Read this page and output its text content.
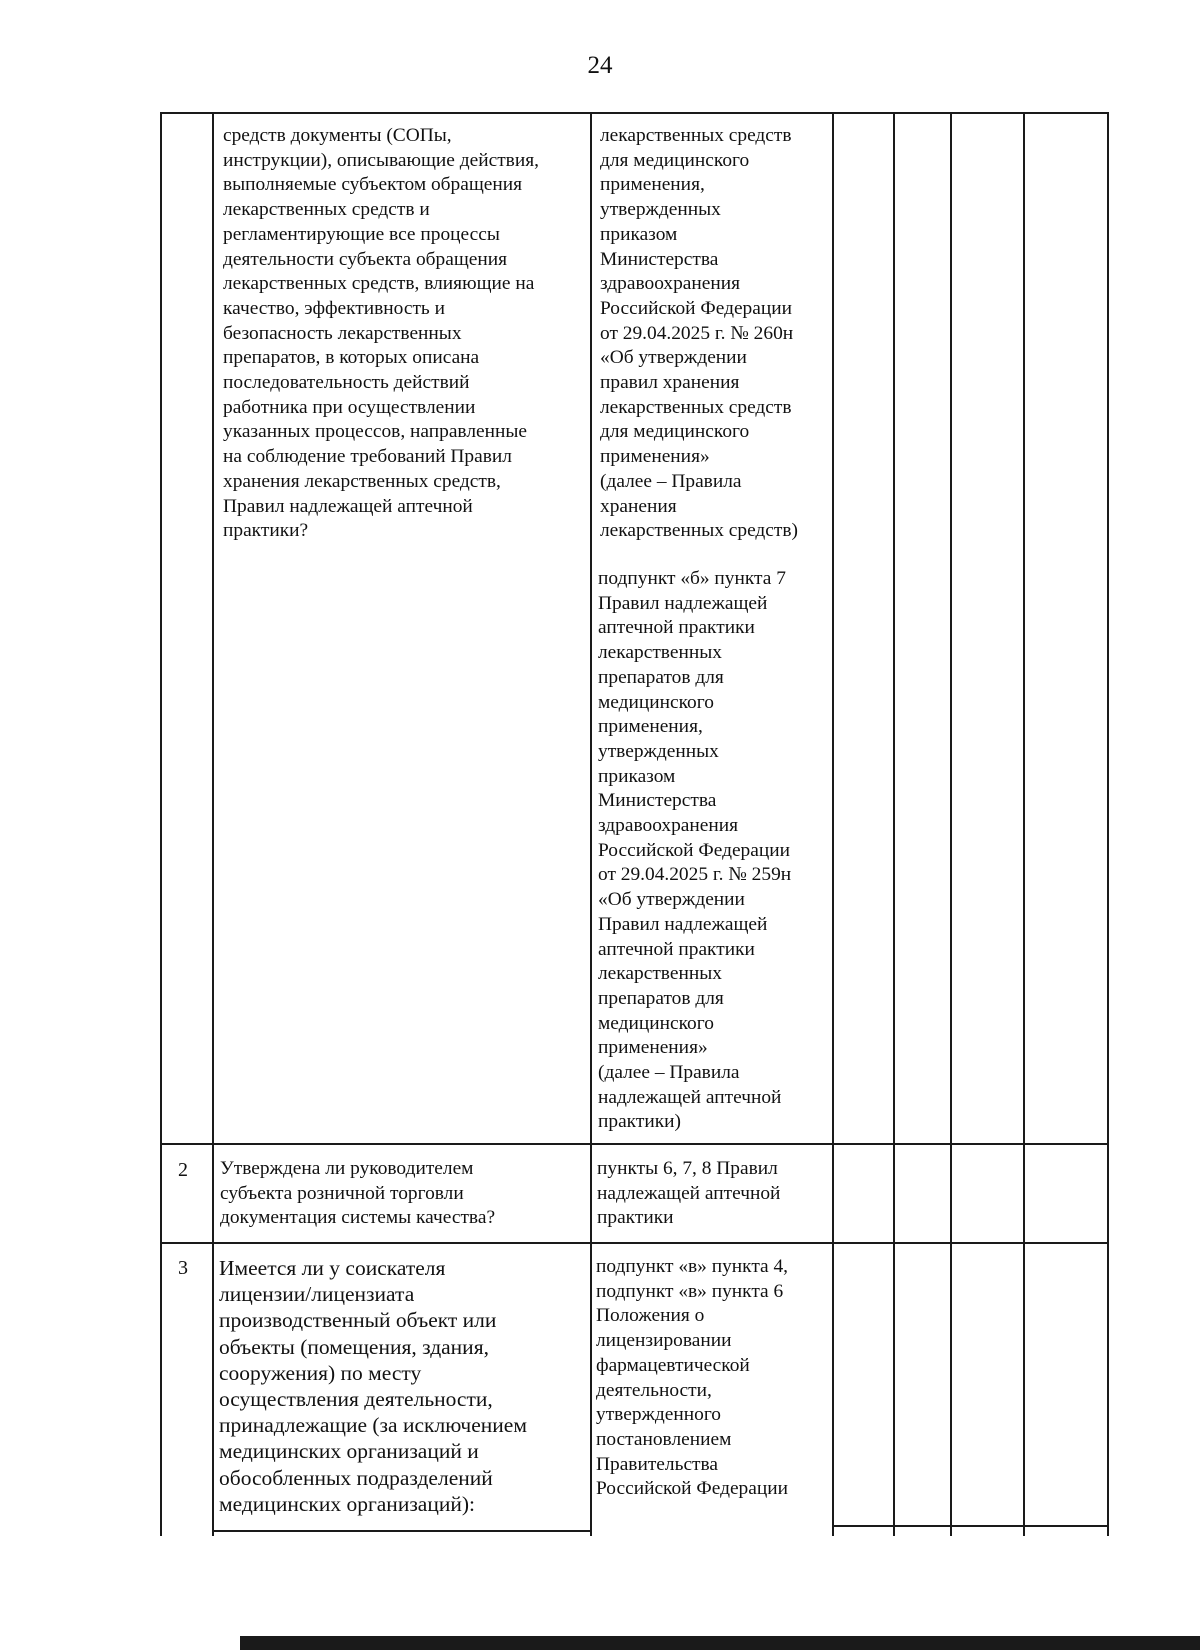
24
средств документы (СОПы,
инструкции), описывающие действия,
выполняемые субъектом обращения
лекарственных средств и
регламентирующие все процессы
деятельности субъекта обращения
лекарственных средств, влияющие на
качество, эффективность и
безопасность лекарственных
препаратов, в которых описана
последовательность действий
работника при осуществлении
указанных процессов, направленные
на соблюдение требований Правил
хранения лекарственных средств,
Правил надлежащей аптечной
практики?
лекарственных средств
для медицинского
применения,
утвержденных
приказом
Министерства
здравоохранения
Российской Федерации
от 29.04.2025 г. № 260н
«Об утверждении
правил хранения
лекарственных средств
для медицинского
применения»
(далее – Правила
хранения
лекарственных средств)
подпункт «б» пункта 7
Правил надлежащей
аптечной практики
лекарственных
препаратов для
медицинского
применения,
утвержденных
приказом
Министерства
здравоохранения
Российской Федерации
от 29.04.2025 г. № 259н
«Об утверждении
Правил надлежащей
аптечной практики
лекарственных
препаратов для
медицинского
применения»
(далее – Правила
надлежащей аптечной
практики)
2	Утверждена ли руководителем
субъекта розничной торговли
документация системы качества?
пункты 6, 7, 8 Правил
надлежащей аптечной
практики
3	Имеется ли у соискателя
лицензии/лицензиата
производственный объект или
объекты (помещения, здания,
сооружения) по месту
осуществления деятельности,
принадлежащие (за исключением
медицинских организаций и
обособленных подразделений
медицинских организаций):
подпункт «в» пункта 4,
подпункт «в» пункта 6
Положения о
лицензировании
фармацевтической
деятельности,
утвержденного
постановлением
Правительства
Российской Федерации
